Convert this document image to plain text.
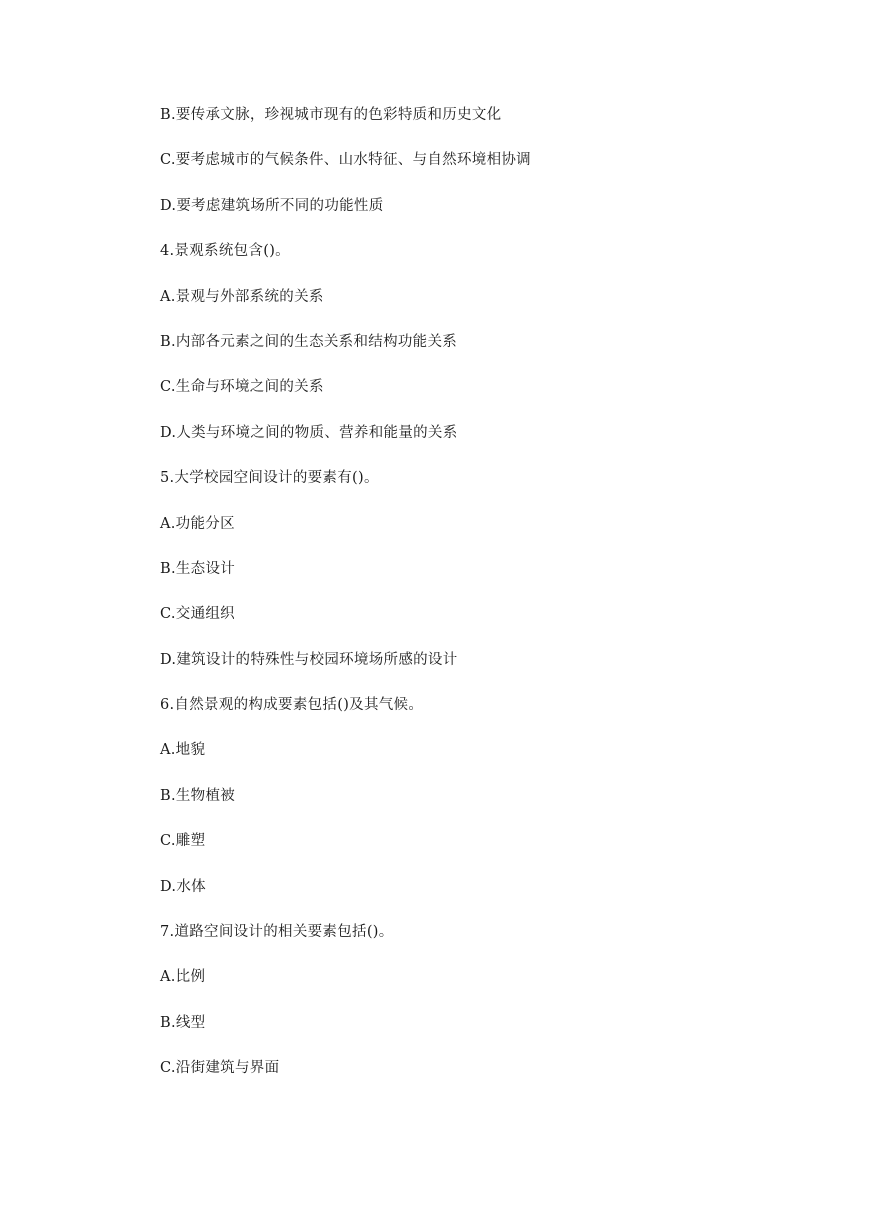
B.要传承文脉，珍视城市现有的色彩特质和历史文化
C.要考虑城市的气候条件、山水特征、与自然环境相协调
D.要考虑建筑场所不同的功能性质
4.景观系统包含()。
A.景观与外部系统的关系
B.内部各元素之间的生态关系和结构功能关系
C.生命与环境之间的关系
D.人类与环境之间的物质、营养和能量的关系
5.大学校园空间设计的要素有()。
A.功能分区
B.生态设计
C.交通组织
D.建筑设计的特殊性与校园环境场所感的设计
6.自然景观的构成要素包括()及其气候。
A.地貌
B.生物植被
C.雕塑
D.水体
7.道路空间设计的相关要素包括()。
A.比例
B.线型
C.沿街建筑与界面
